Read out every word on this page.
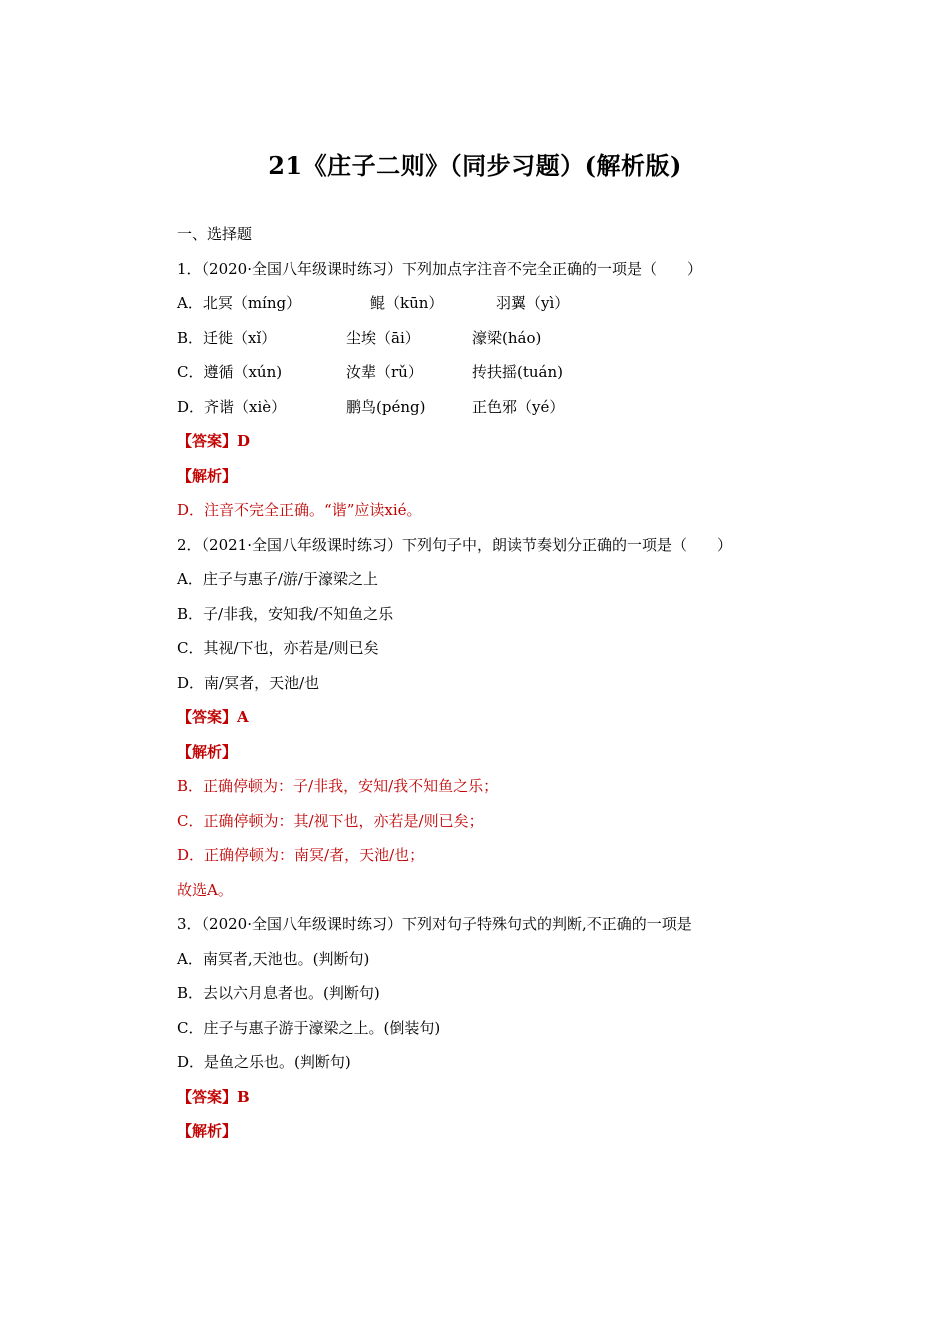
21《庄子二则》（同步习题）(解析版)
一、选择题
1．（2020·全国八年级课时练习）下列加点字注音不完全正确的一项是（　　）
A．北冥（míng）	鲲（kūn）	羽翼（yì）
B．迁徙（xǐ）	尘埃（āi）	濠梁(háo)
C．遵循（xún)	汝辈（rǔ）	抟扶摇(tuán)
D．齐谐（xiè）	鹏鸟(péng)	正色邪（yé）
【答案】D
【解析】
D．注音不完全正确。“谐”应读xié。
2．（2021·全国八年级课时练习）下列句子中，朗读节奏划分正确的一项是（　　）
A．庄子与惠子/游/于濠梁之上
B．子/非我，安知我/不知鱼之乐
C．其视/下也，亦若是/则已矣
D．南/冥者，天池/也
【答案】A
【解析】
B．正确停顿为：子/非我，安知/我不知鱼之乐；
C．正确停顿为：其/视下也，亦若是/则已矣；
D．正确停顿为：南冥/者，天池/也；
故选A。
3．（2020·全国八年级课时练习）下列对句子特殊句式的判断,不正确的一项是
A．南冥者,天池也。(判断句)
B．去以六月息者也。(判断句)
C．庄子与惠子游于濠梁之上。(倒装句)
D．是鱼之乐也。(判断句)
【答案】B
【解析】
